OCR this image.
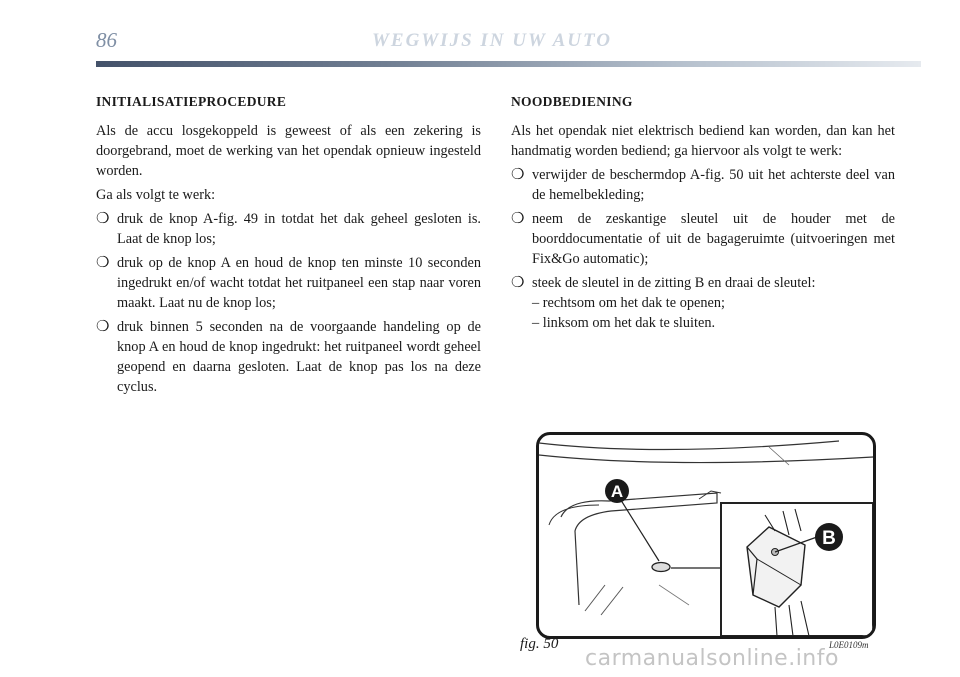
86	WEGWIJS IN UW AUTO

INITIALISATIEPROCEDURE

Als de accu losgekoppeld is geweest of als een zekering is doorgebrand, moet de werking van het opendak opnieuw ingesteld worden.

Ga als volgt te werk:

❍ druk de knop A-fig. 49 in totdat het dak geheel gesloten is. Laat de knop los;
❍ druk op de knop A en houd de knop ten minste 10 seconden ingedrukt en/of wacht totdat het ruitpaneel een stap naar voren maakt. Laat nu de knop los;
❍ druk binnen 5 seconden na de voorgaande handeling op de knop A en houd de knop ingedrukt: het ruitpaneel wordt geheel geopend en daarna gesloten. Laat de knop pas los na deze cyclus.

NOODBEDIENING

Als het opendak niet elektrisch bediend kan worden, dan kan het handmatig worden bediend; ga hiervoor als volgt te werk:

❍ verwijder de beschermdop A-fig. 50 uit het achterste deel van de hemelbekleding;
❍ neem de zeskantige sleutel uit de houder met de boorddocumentatie of uit de bagageruimte (uitvoeringen met Fix&Go automatic);
❍ steek de sleutel in de zitting B en draai de sleutel:
– rechtsom om het dak te openen;
– linksom om het dak te sluiten.
A
B
fig. 50	L0E0109m
carmanualsonline.info
